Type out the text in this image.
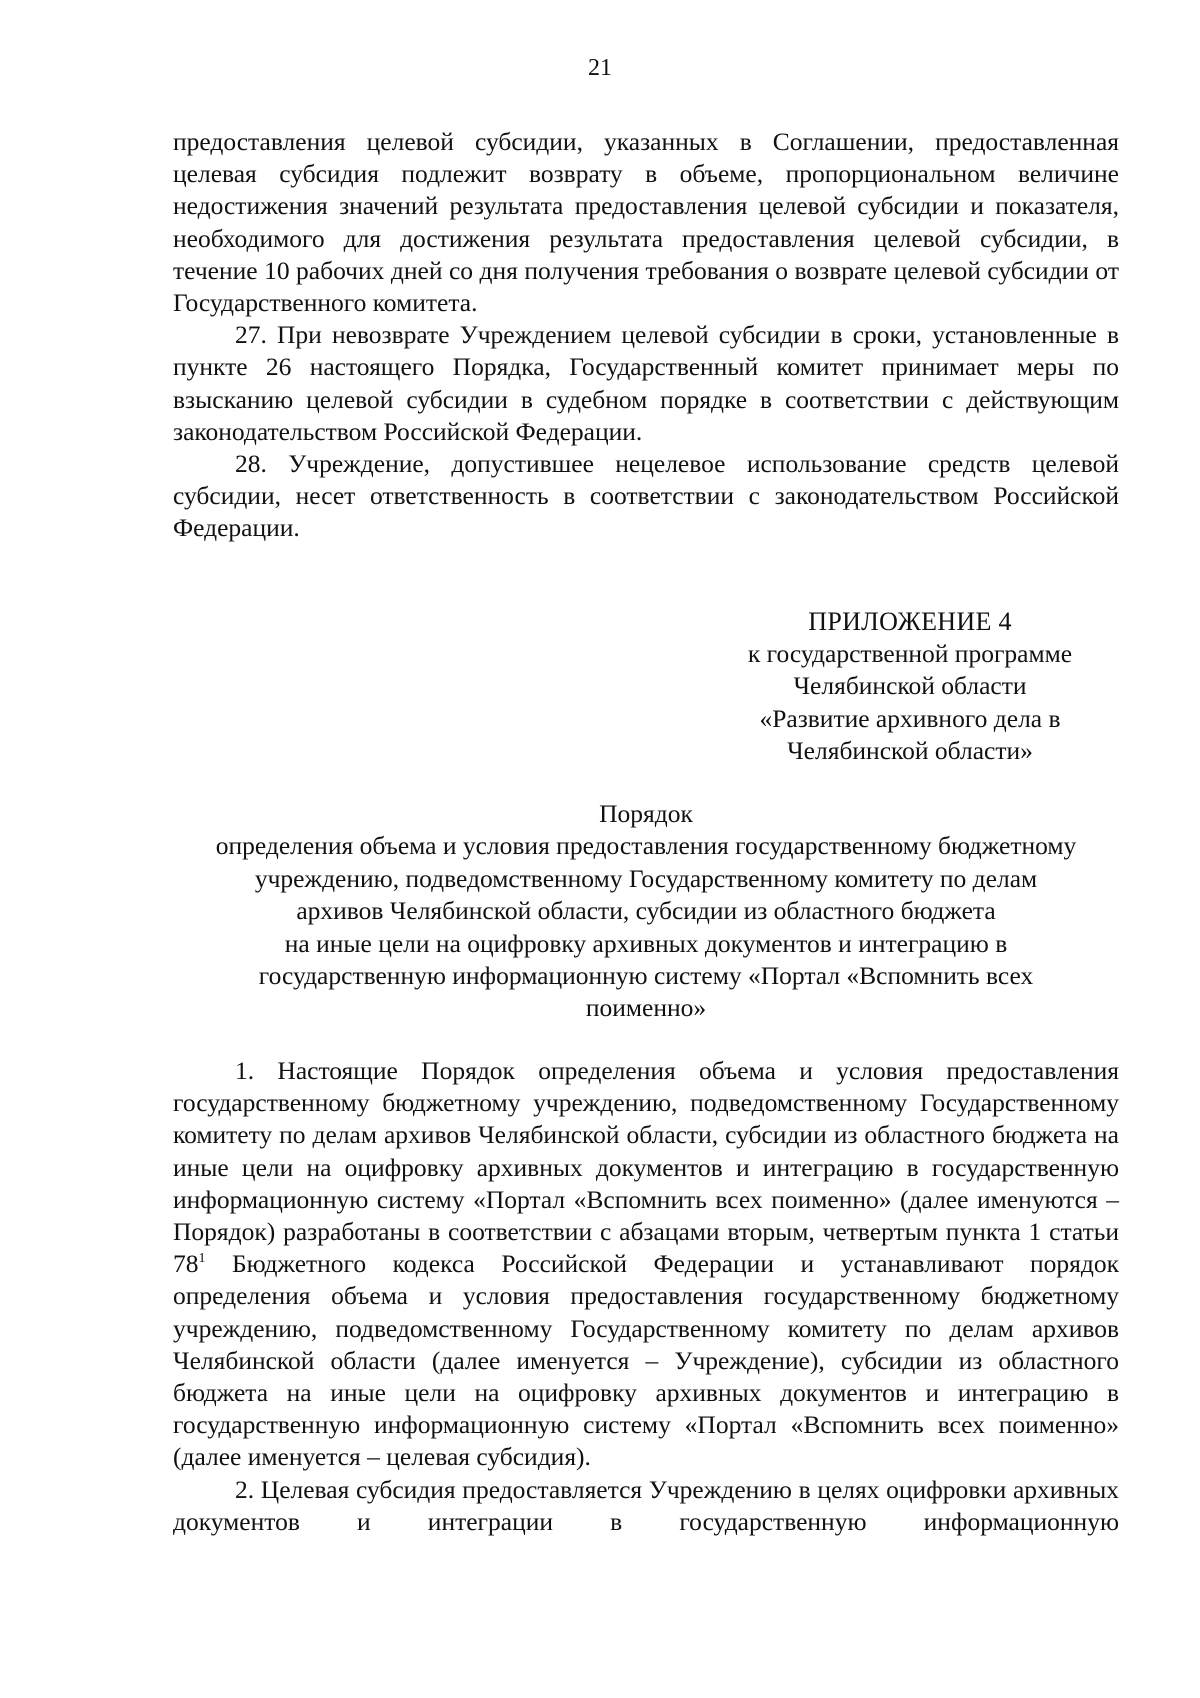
21

предоставления целевой субсидии, указанных в Соглашении, предоставленная целевая субсидия подлежит возврату в объеме, пропорциональном величине недостижения значений результата предоставления целевой субсидии и показателя, необходимого для достижения результата предоставления целевой субсидии, в течение 10 рабочих дней со дня получения требования о возврате целевой субсидии от Государственного комитета.

27. При невозврате Учреждением целевой субсидии в сроки, установленные в пункте 26 настоящего Порядка, Государственный комитет принимает меры по взысканию целевой субсидии в судебном порядке в соответствии с действующим законодательством Российской Федерации.

28. Учреждение, допустившее нецелевое использование средств целевой субсидии, несет ответственность в соответствии с законодательством Российской Федерации.

ПРИЛОЖЕНИЕ 4
к государственной программе
Челябинской области
«Развитие архивного дела в
Челябинской области»
Порядок
определения объема и условия предоставления государственному бюджетному
учреждению, подведомственному Государственному комитету по делам
архивов Челябинской области, субсидии из областного бюджета
на иные цели на оцифровку архивных документов и интеграцию в
государственную информационную систему «Портал «Вспомнить всех
поименно»

1. Настоящие Порядок определения объема и условия предоставления государственному бюджетному учреждению, подведомственному Государственному комитету по делам архивов Челябинской области, субсидии из областного бюджета на иные цели на оцифровку архивных документов и интеграцию в государственную информационную систему «Портал «Вспомнить всех поименно» (далее именуются – Порядок) разработаны в соответствии с абзацами вторым, четвертым пункта 1 статьи $78^1$ Бюджетного кодекса Российской Федерации и устанавливают порядок определения объема и условия предоставления государственному бюджетному учреждению, подведомственному Государственному комитету по делам архивов Челябинской области (далее именуется – Учреждение), субсидии из областного бюджета на иные цели на оцифровку архивных документов и интеграцию в государственную информационную систему «Портал «Вспомнить всех поименно» (далее именуется – целевая субсидия).

2. Целевая субсидия предоставляется Учреждению в целях оцифровки архивных документов и интеграции в государственную информационную
